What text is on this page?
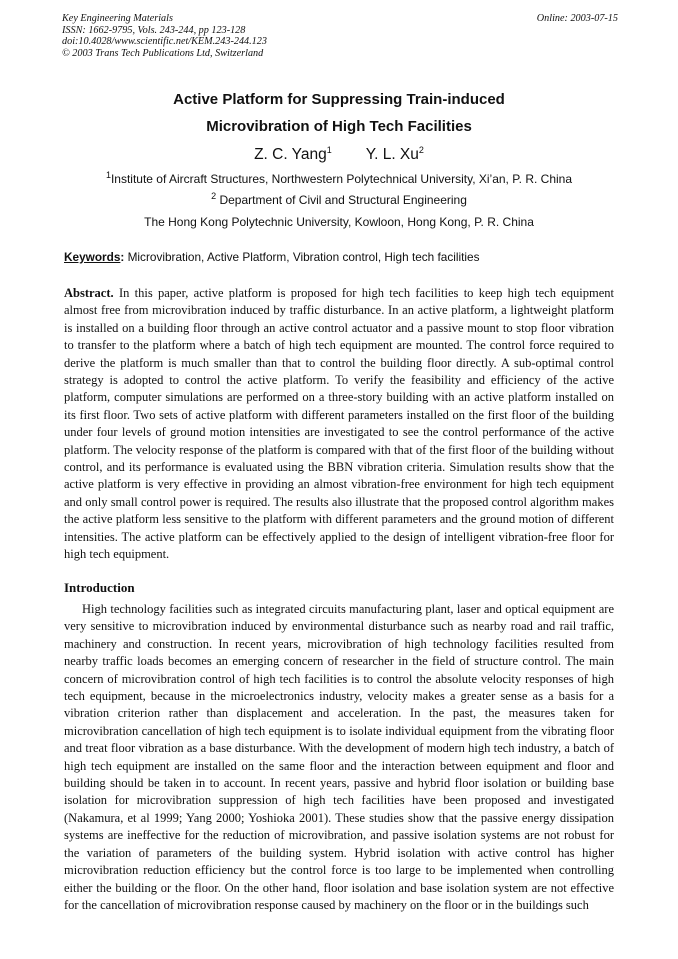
Key Engineering Materials
ISSN: 1662-9795, Vols. 243-244, pp 123-128
doi:10.4028/www.scientific.net/KEM.243-244.123
© 2003 Trans Tech Publications Ltd, Switzerland

Online: 2003-07-15
Active Platform for Suppressing Train-induced
Microvibration of High Tech Facilities
Z. C. Yang$^1$ Y. L. Xu$^2$
$^1$Institute of Aircraft Structures, Northwestern Polytechnical University, Xi’an, P. R. China
$^2$ Department of Civil and Structural Engineering
The Hong Kong Polytechnic University, Kowloon, Hong Kong, P. R. China
Keywords: Microvibration, Active Platform, Vibration control, High tech facilities

Abstract. In this paper, active platform is proposed for high tech facilities to keep high tech equipment almost free from microvibration induced by traffic disturbance. In an active platform, a lightweight platform is installed on a building floor through an active control actuator and a passive mount to stop floor vibration to transfer to the platform where a batch of high tech equipment are mounted. The control force required to derive the platform is much smaller than that to control the building floor directly. A sub-optimal control strategy is adopted to control the active platform. To verify the feasibility and efficiency of the active platform, computer simulations are performed on a three-story building with an active platform installed on its first floor. Two sets of active platform with different parameters installed on the first floor of the building under four levels of ground motion intensities are investigated to see the control performance of the active platform. The velocity response of the platform is compared with that of the first floor of the building without control, and its performance is evaluated using the BBN vibration criteria. Simulation results show that the active platform is very effective in providing an almost vibration-free environment for high tech equipment and only small control power is required. The results also illustrate that the proposed control algorithm makes the active platform less sensitive to the platform with different parameters and the ground motion of different intensities. The active platform can be effectively applied to the design of intelligent vibration-free floor for high tech equipment.

Introduction

High technology facilities such as integrated circuits manufacturing plant, laser and optical equipment are very sensitive to microvibration induced by environmental disturbance such as nearby road and rail traffic, machinery and construction. In recent years, microvibration of high technology facilities resulted from nearby traffic loads becomes an emerging concern of researcher in the field of structure control. The main concern of microvibration control of high tech facilities is to control the absolute velocity responses of high tech equipment, because in the microelectronics industry, velocity makes a greater sense as a basis for a vibration criterion rather than displacement and acceleration. In the past, the measures taken for microvibration cancellation of high tech equipment is to isolate individual equipment from the vibrating floor and treat floor vibration as a base disturbance. With the development of modern high tech industry, a batch of high tech equipment are installed on the same floor and the interaction between equipment and floor and building should be taken in to account. In recent years, passive and hybrid floor isolation or building base isolation for microvibration suppression of high tech facilities have been proposed and investigated (Nakamura, et al 1999; Yang 2000; Yoshioka 2001). These studies show that the passive energy dissipation systems are ineffective for the reduction of microvibration, and passive isolation systems are not robust for the variation of parameters of the building system. Hybrid isolation with active control has higher microvibration reduction efficiency but the control force is too large to be implemented when controlling either the building or the floor. On the other hand, floor isolation and base isolation system are not effective for the cancellation of microvibration response caused by machinery on the floor or in the buildings such
